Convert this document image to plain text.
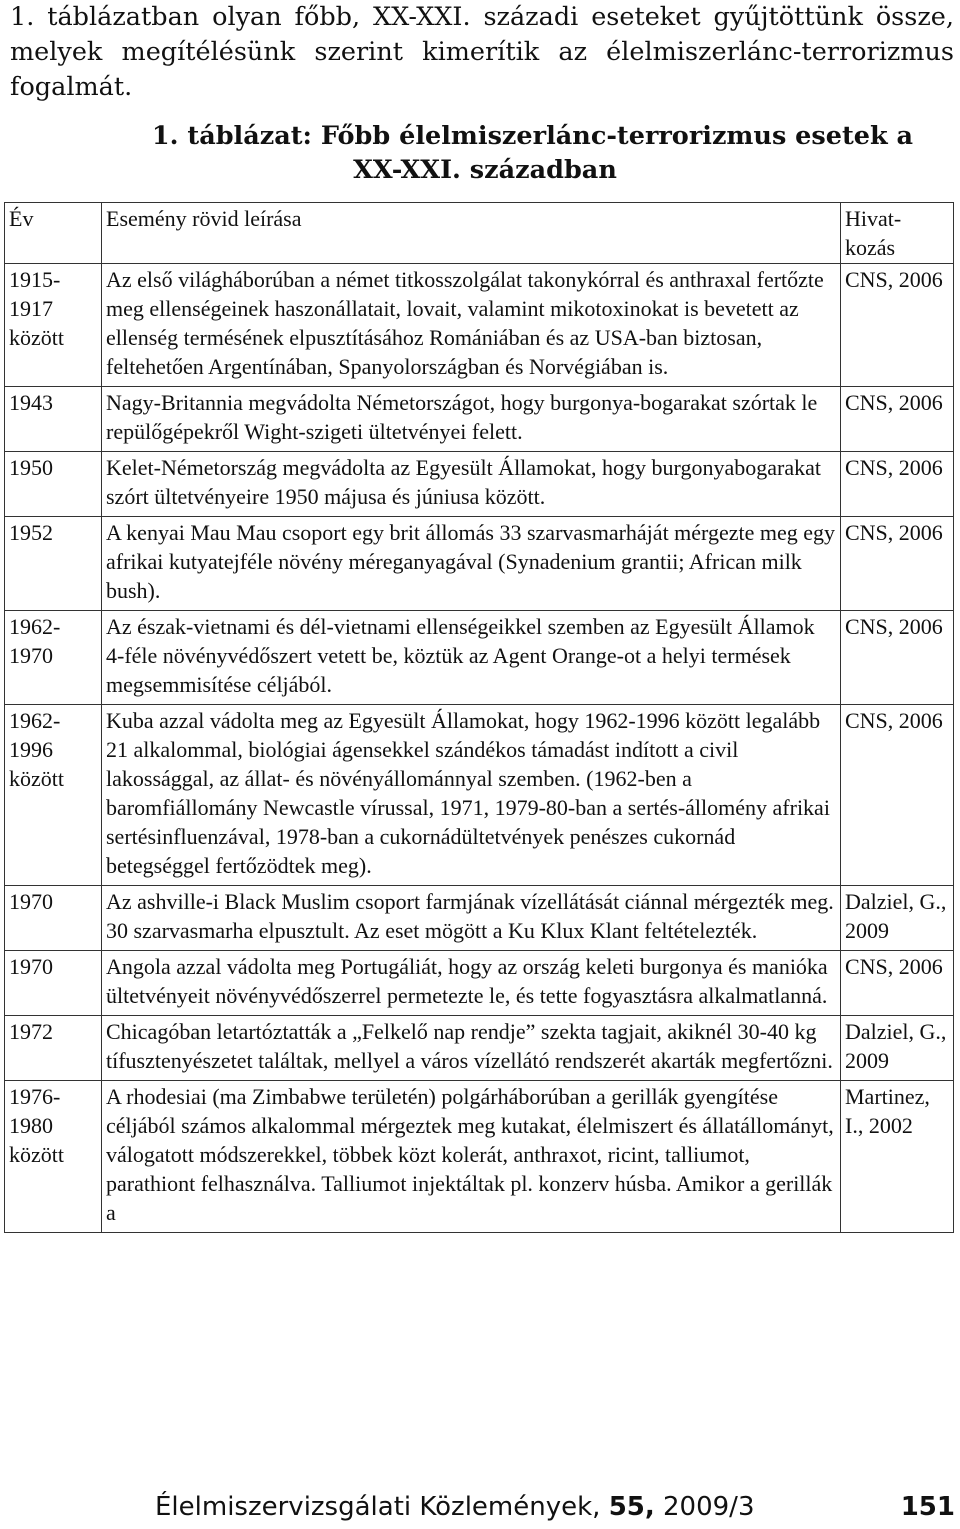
1. táblázatban olyan főbb, XX-XXI. századi eseteket gyűjtöttünk össze, melyek megítélésünk szerint kimerítik az élelmiszerlánc-terrorizmus fogalmát.
1. táblázat: Főbb élelmiszerlánc-terrorizmus esetek a
XX-XXI. században
Év	Esemény rövid leírása	Hivat-kozás
1915-1917 között	Az első világháborúban a német titkosszolgálat takonykórral és anthraxal fertőzte meg ellenségeinek haszonállatait, lovait, valamint mikotoxinokat is bevetett az ellenség termésének elpusztításához Romániában és az USA-ban biztosan, feltehetően Argentínában, Spanyolországban és Norvégiában is.	CNS, 2006
1943	Nagy-Britannia megvádolta Németországot, hogy burgonya-bogarakat szórtak le repülőgépekről Wight-szigeti ültetvényei felett.	CNS, 2006
1950	Kelet-Németország megvádolta az Egyesült Államokat, hogy burgonyabogarakat szórt ültetvényeire 1950 májusa és júniusa között.	CNS, 2006
1952	A kenyai Mau Mau csoport egy brit állomás 33 szarvasmarháját mérgezte meg egy afrikai kutyatejféle növény méreganyagával (Synadenium grantii; African milk bush).	CNS, 2006
1962-1970	Az észak-vietnami és dél-vietnami ellenségeikkel szemben az Egyesült Államok 4-féle növényvédőszert vetett be, köztük az Agent Orange-ot a helyi termések megsemmisítése céljából.	CNS, 2006
1962-1996 között	Kuba azzal vádolta meg az Egyesült Államokat, hogy 1962-1996 között legalább 21 alkalommal, biológiai ágensekkel szándékos támadást indított a civil lakossággal, az állat- és növényállománnyal szemben. (1962-ben a baromfiállomány Newcastle vírussal, 1971, 1979-80-ban a sertés-állomény afrikai sertésinfluenzával, 1978-ban a cukornádültetvények penészes cukornád betegséggel fertőzödtek meg).	CNS, 2006
1970	Az ashville-i Black Muslim csoport farmjának vízellátását ciánnal mérgezték meg. 30 szarvasmarha elpusztult. Az eset mögött a Ku Klux Klant feltételezték.	Dalziel, G., 2009
1970	Angola azzal vádolta meg Portugáliát, hogy az ország keleti burgonya és manióka ültetvényeit növényvédőszerrel permetezte le, és tette fogyasztásra alkalmatlanná.	CNS, 2006
1972	Chicagóban letartóztatták a „Felkelő nap rendje” szekta tagjait, akiknél 30-40 kg tífusztenyészetet találtak, mellyel a város vízellátó rendszerét akarták megfertőzni.	Dalziel, G., 2009
1976-1980 között	A rhodesiai (ma Zimbabwe területén) polgárháborúban a gerillák gyengítése céljából számos alkalommal mérgeztek meg kutakat, élelmiszert és állatállományt, válogatott módszerekkel, többek közt kolerát, anthraxot, ricint, talliumot, parathiont felhasználva. Talliumot injektáltak pl. konzerv húsba. Amikor a gerillák a	Martinez, I., 2002
Élelmiszervizsgálati Közlemények, 55, 2009/3	151
